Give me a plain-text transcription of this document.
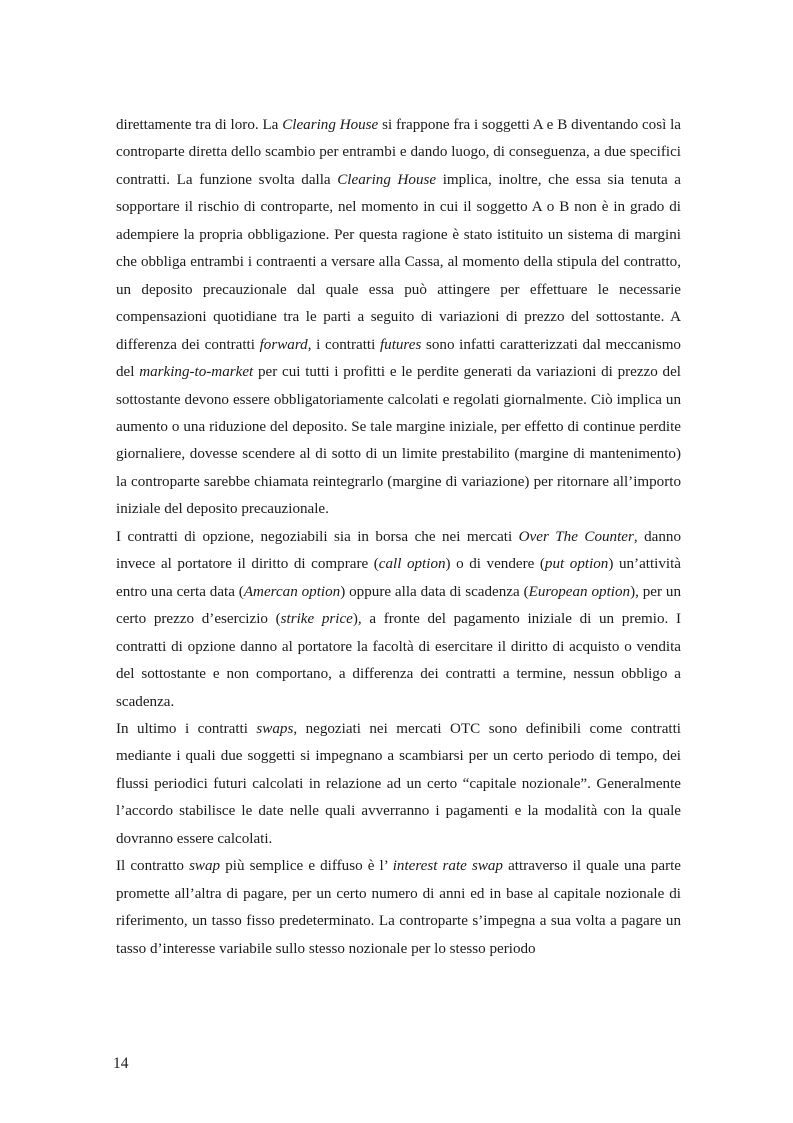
direttamente tra di loro. La Clearing House si frappone fra i soggetti A e B diventando così la controparte diretta dello scambio per entrambi e dando luogo, di conseguenza, a due specifici contratti. La funzione svolta dalla Clearing House implica, inoltre, che essa sia tenuta a sopportare il rischio di controparte, nel momento in cui il soggetto A o B non è in grado di adempiere la propria obbligazione. Per questa ragione è stato istituito un sistema di margini che obbliga entrambi i contraenti a versare alla Cassa, al momento della stipula del contratto, un deposito precauzionale dal quale essa può attingere per effettuare le necessarie compensazioni quotidiane tra le parti a seguito di variazioni di prezzo del sottostante. A differenza dei contratti forward, i contratti futures sono infatti caratterizzati dal meccanismo del marking-to-market per cui tutti i profitti e le perdite generati da variazioni di prezzo del sottostante devono essere obbligatoriamente calcolati e regolati giornalmente. Ciò implica un aumento o una riduzione del deposito. Se tale margine iniziale, per effetto di continue perdite giornaliere, dovesse scendere al di sotto di un limite prestabilito (margine di mantenimento) la controparte sarebbe chiamata reintegrarlo (margine di variazione) per ritornare all’importo iniziale del deposito precauzionale.

I contratti di opzione, negoziabili sia in borsa che nei mercati Over The Counter, danno invece al portatore il diritto di comprare (call option) o di vendere (put option) un’attività entro una certa data (Amercan option) oppure alla data di scadenza (European option), per un certo prezzo d’esercizio (strike price), a fronte del pagamento iniziale di un premio. I contratti di opzione danno al portatore la facoltà di esercitare il diritto di acquisto o vendita del sottostante e non comportano, a differenza dei contratti a termine, nessun obbligo a scadenza.

In ultimo i contratti swaps, negoziati nei mercati OTC sono definibili come contratti mediante i quali due soggetti si impegnano a scambiarsi per un certo periodo di tempo, dei flussi periodici futuri calcolati in relazione ad un certo “capitale nozionale”. Generalmente l’accordo stabilisce le date nelle quali avverranno i pagamenti e la modalità con la quale dovranno essere calcolati.

Il contratto swap più semplice e diffuso è l’ interest rate swap attraverso il quale una parte promette all’altra di pagare, per un certo numero di anni ed in base al capitale nozionale di riferimento, un tasso fisso predeterminato. La controparte s’impegna a sua volta a pagare un tasso d’interesse variabile sullo stesso nozionale per lo stesso periodo

14
